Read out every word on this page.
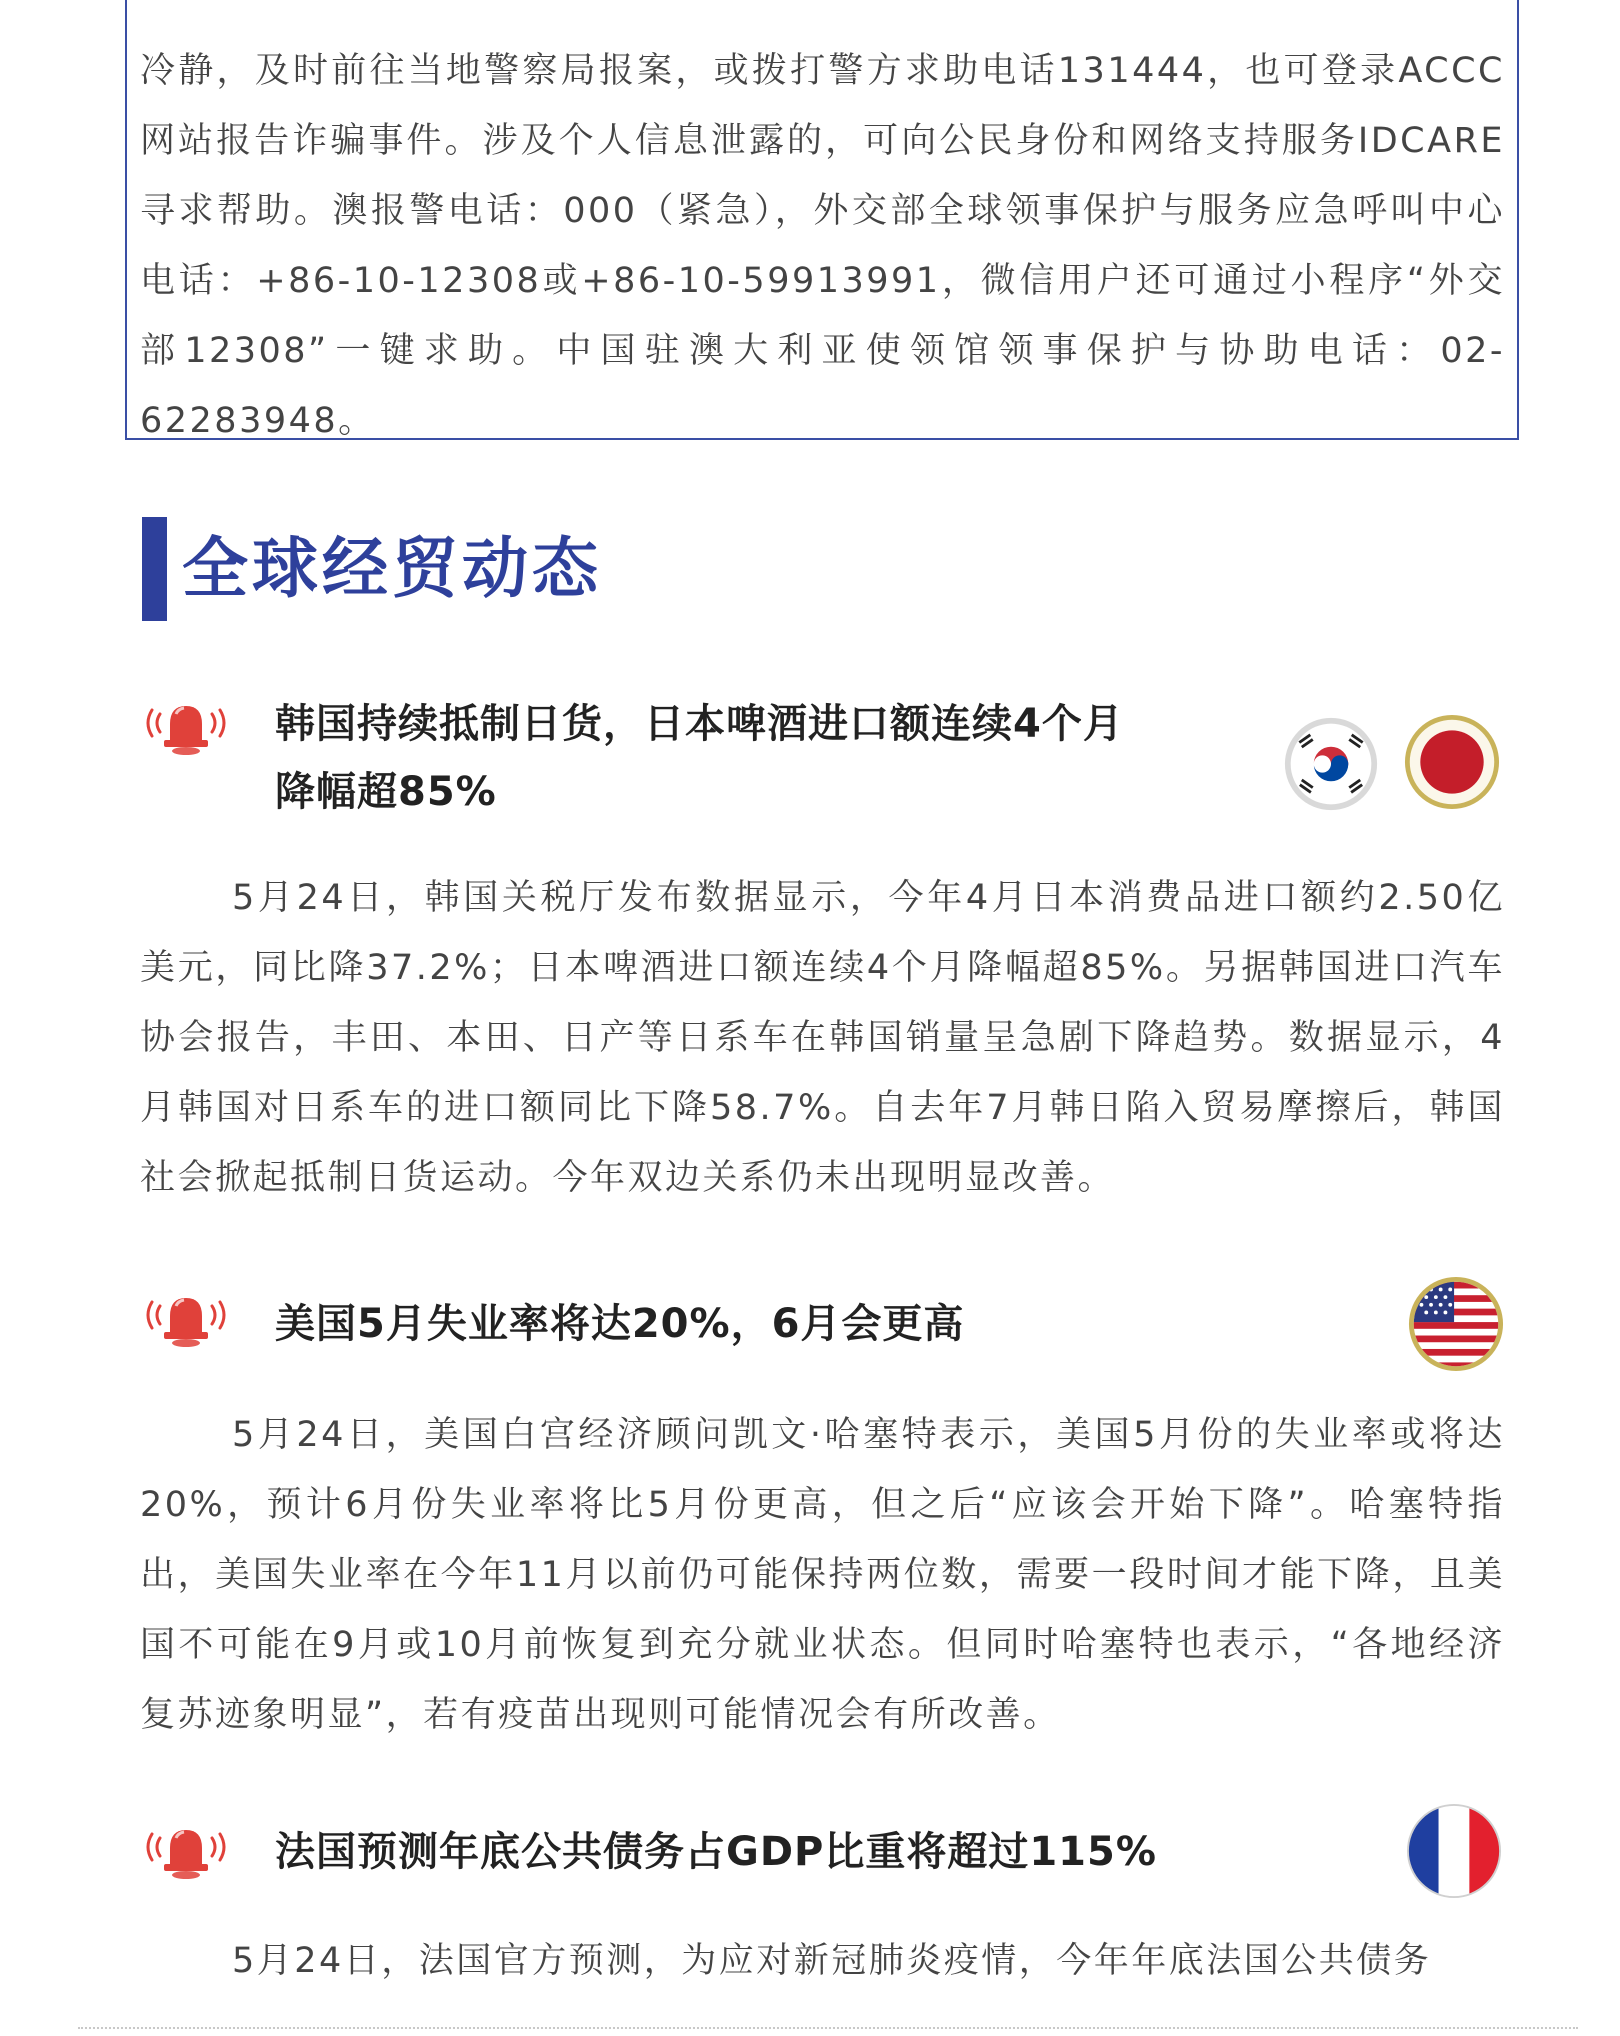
冷静，及时前往当地警察局报案，或拨打警方求助电话131444，也可登录ACCC网站报告诈骗事件。涉及个人信息泄露的，可向公民身份和网络支持服务IDCARE寻求帮助。澳报警电话：000（紧急），外交部全球领事保护与服务应急呼叫中心电话：+86-10-12308或+86-10-59913991，微信用户还可通过小程序“外交部12308”一键求助。中国驻澳大利亚使领馆领事保护与协助电话：02-62283948。
全球经贸动态
韩国持续抵制日货，日本啤酒进口额连续4个月
降幅超85%
5月24日，韩国关税厅发布数据显示，今年4月日本消费品进口额约2.50亿美元，同比降37.2%；日本啤酒进口额连续4个月降幅超85%。另据韩国进口汽车协会报告，丰田、本田、日产等日系车在韩国销量呈急剧下降趋势。数据显示，4月韩国对日系车的进口额同比下降58.7%。自去年7月韩日陷入贸易摩擦后，韩国社会掀起抵制日货运动。今年双边关系仍未出现明显改善。
美国5月失业率将达20%，6月会更高
5月24日，美国白宫经济顾问凯文·哈塞特表示，美国5月份的失业率或将达20%，预计6月份失业率将比5月份更高，但之后“应该会开始下降”。哈塞特指出，美国失业率在今年11月以前仍可能保持两位数，需要一段时间才能下降，且美国不可能在9月或10月前恢复到充分就业状态。但同时哈塞特也表示，“各地经济复苏迹象明显”，若有疫苗出现则可能情况会有所改善。
法国预测年底公共债务占GDP比重将超过115%
5月24日，法国官方预测，为应对新冠肺炎疫情，今年年底法国公共债务
